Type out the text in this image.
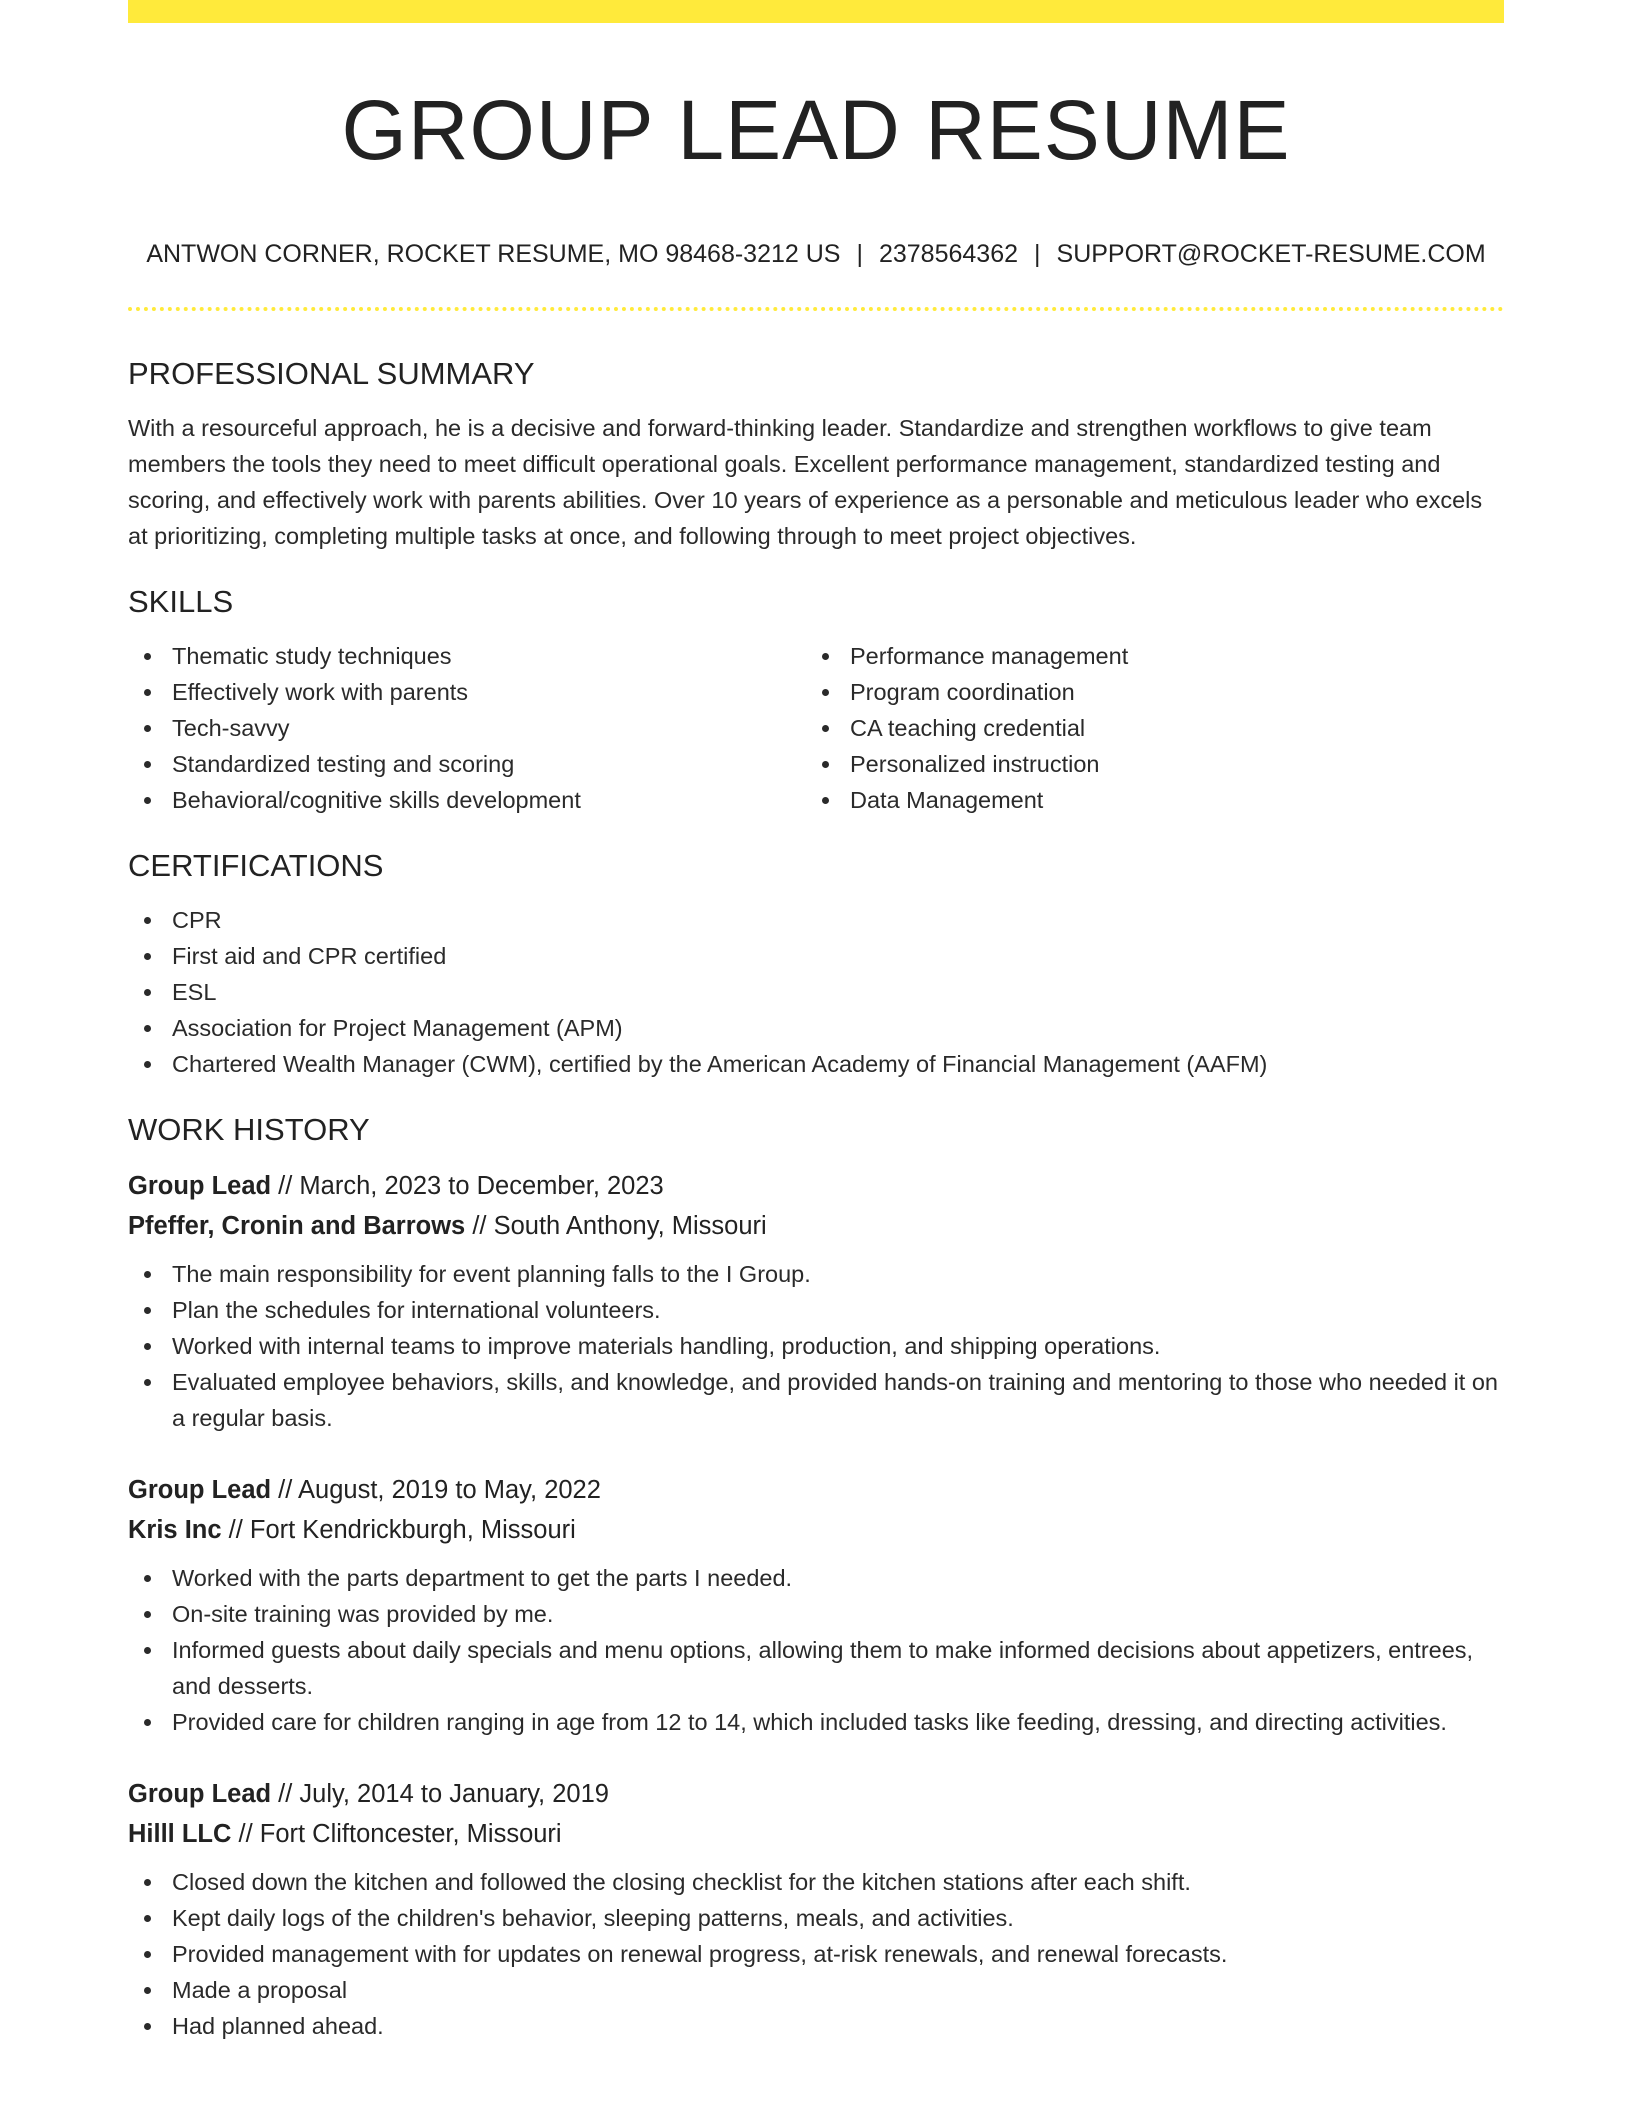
GROUP LEAD RESUME
ANTWON CORNER, ROCKET RESUME, MO 98468-3212 US | 2378564362 | SUPPORT@ROCKET-RESUME.COM
PROFESSIONAL SUMMARY

With a resourceful approach, he is a decisive and forward-thinking leader. Standardize and strengthen workflows to give team members the tools they need to meet difficult operational goals. Excellent performance management, standardized testing and scoring, and effectively work with parents abilities. Over 10 years of experience as a personable and meticulous leader who excels at prioritizing, completing multiple tasks at once, and following through to meet project objectives.

SKILLS
Thematic study techniques
Effectively work with parents
Tech-savvy
Standardized testing and scoring
Behavioral/cognitive skills development
Performance management
Program coordination
CA teaching credential
Personalized instruction
Data Management
CERTIFICATIONS
CPR
First aid and CPR certified
ESL
Association for Project Management (APM)
Chartered Wealth Manager (CWM), certified by the American Academy of Financial Management (AAFM)
WORK HISTORY
Group Lead // March, 2023 to December, 2023
Pfeffer, Cronin and Barrows // South Anthony, Missouri
The main responsibility for event planning falls to the I Group.
Plan the schedules for international volunteers.
Worked with internal teams to improve materials handling, production, and shipping operations.
Evaluated employee behaviors, skills, and knowledge, and provided hands-on training and mentoring to those who needed it on a regular basis.
Group Lead // August, 2019 to May, 2022
Kris Inc // Fort Kendrickburgh, Missouri
Worked with the parts department to get the parts I needed.
On-site training was provided by me.
Informed guests about daily specials and menu options, allowing them to make informed decisions about appetizers, entrees, and desserts.
Provided care for children ranging in age from 12 to 14, which included tasks like feeding, dressing, and directing activities.
Group Lead // July, 2014 to January, 2019
Hilll LLC // Fort Cliftoncester, Missouri
Closed down the kitchen and followed the closing checklist for the kitchen stations after each shift.
Kept daily logs of the children's behavior, sleeping patterns, meals, and activities.
Provided management with for updates on renewal progress, at-risk renewals, and renewal forecasts.
Made a proposal
Had planned ahead.
